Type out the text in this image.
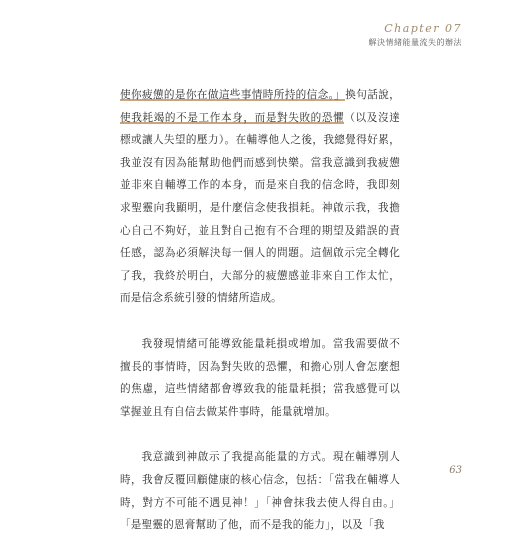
Chapter 07
解決情緒能量流失的辦法

使你疲憊的是你在做這些事情時所持的信念。」換句話說，使我耗竭的不是工作本身，而是對失敗的恐懼（以及沒達標或讓人失望的壓力）。在輔導他人之後，我總覺得好累，我並沒有因為能幫助他們而感到快樂。當我意識到我疲憊並非來自輔導工作的本身，而是來自我的信念時，我即刻求聖靈向我顯明，是什麼信念使我損耗。神啟示我，我擔心自己不夠好，並且對自己抱有不合理的期望及錯誤的責任感，認為必須解決每一個人的問題。這個啟示完全轉化了我，我終於明白，大部分的疲憊感並非來自工作太忙，而是信念系統引發的情緒所造成。

我發現情緒可能導致能量耗損或增加。當我需要做不擅長的事情時，因為對失敗的恐懼，和擔心別人會怎麼想的焦慮，這些情緒都會導致我的能量耗損；當我感覺可以掌握並且有自信去做某件事時，能量就增加。

我意識到神啟示了我提高能量的方式。現在輔導別人時，我會反覆回顧健康的核心信念，包括：「當我在輔導人時，對方不可能不遇見神！」「神會抹我去使人得自由。」「是聖靈的恩膏幫助了他，而不是我的能力」，以及「我

63
